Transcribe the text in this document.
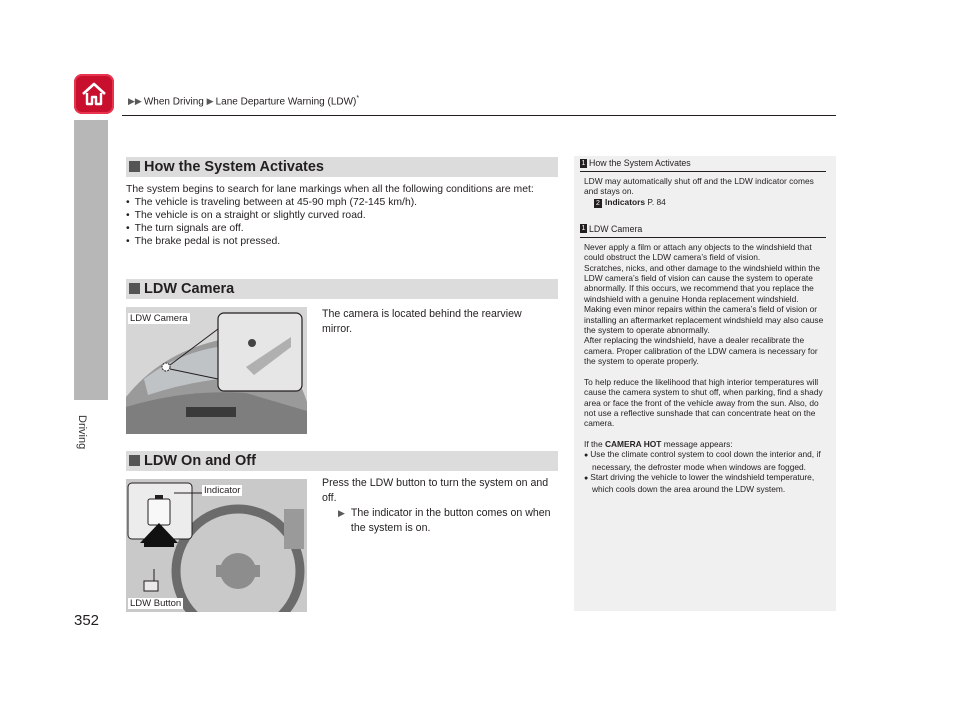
▶▶ When Driving ▶ Lane Departure Warning (LDW)*
Driving
How the System Activates
The system begins to search for lane markings when all the following conditions are met:
• The vehicle is traveling between at 45-90 mph (72-145 km/h).
• The vehicle is on a straight or slightly curved road.
• The turn signals are off.
• The brake pedal is not pressed.
LDW Camera
LDW Camera	The camera is located behind the rearview mirror.
LDW On and Off
Indicator
LDW Button
Press the LDW button to turn the system on and off.
▶ The indicator in the button comes on when the system is on.
1 How the System Activates
LDW may automatically shut off and the LDW indicator comes and stays on.
2 Indicators P. 84
1 LDW Camera
Never apply a film or attach any objects to the windshield that could obstruct the LDW camera’s field of vision.
Scratches, nicks, and other damage to the windshield within the LDW camera’s field of vision can cause the system to operate abnormally. If this occurs, we recommend that you replace the windshield with a genuine Honda replacement windshield. Making even minor repairs within the camera’s field of vision or installing an aftermarket replacement windshield may also cause the system to operate abnormally.
After replacing the windshield, have a dealer recalibrate the camera. Proper calibration of the LDW camera is necessary for the system to operate properly.
To help reduce the likelihood that high interior temperatures will cause the camera system to shut off, when parking, find a shady area or face the front of the vehicle away from the sun. Also, do not use a reflective sunshade that can concentrate heat on the camera.
If the CAMERA HOT message appears:
● Use the climate control system to cool down the interior and, if necessary, the defroster mode when windows are fogged.
● Start driving the vehicle to lower the windshield temperature, which cools down the area around the LDW system.
352
